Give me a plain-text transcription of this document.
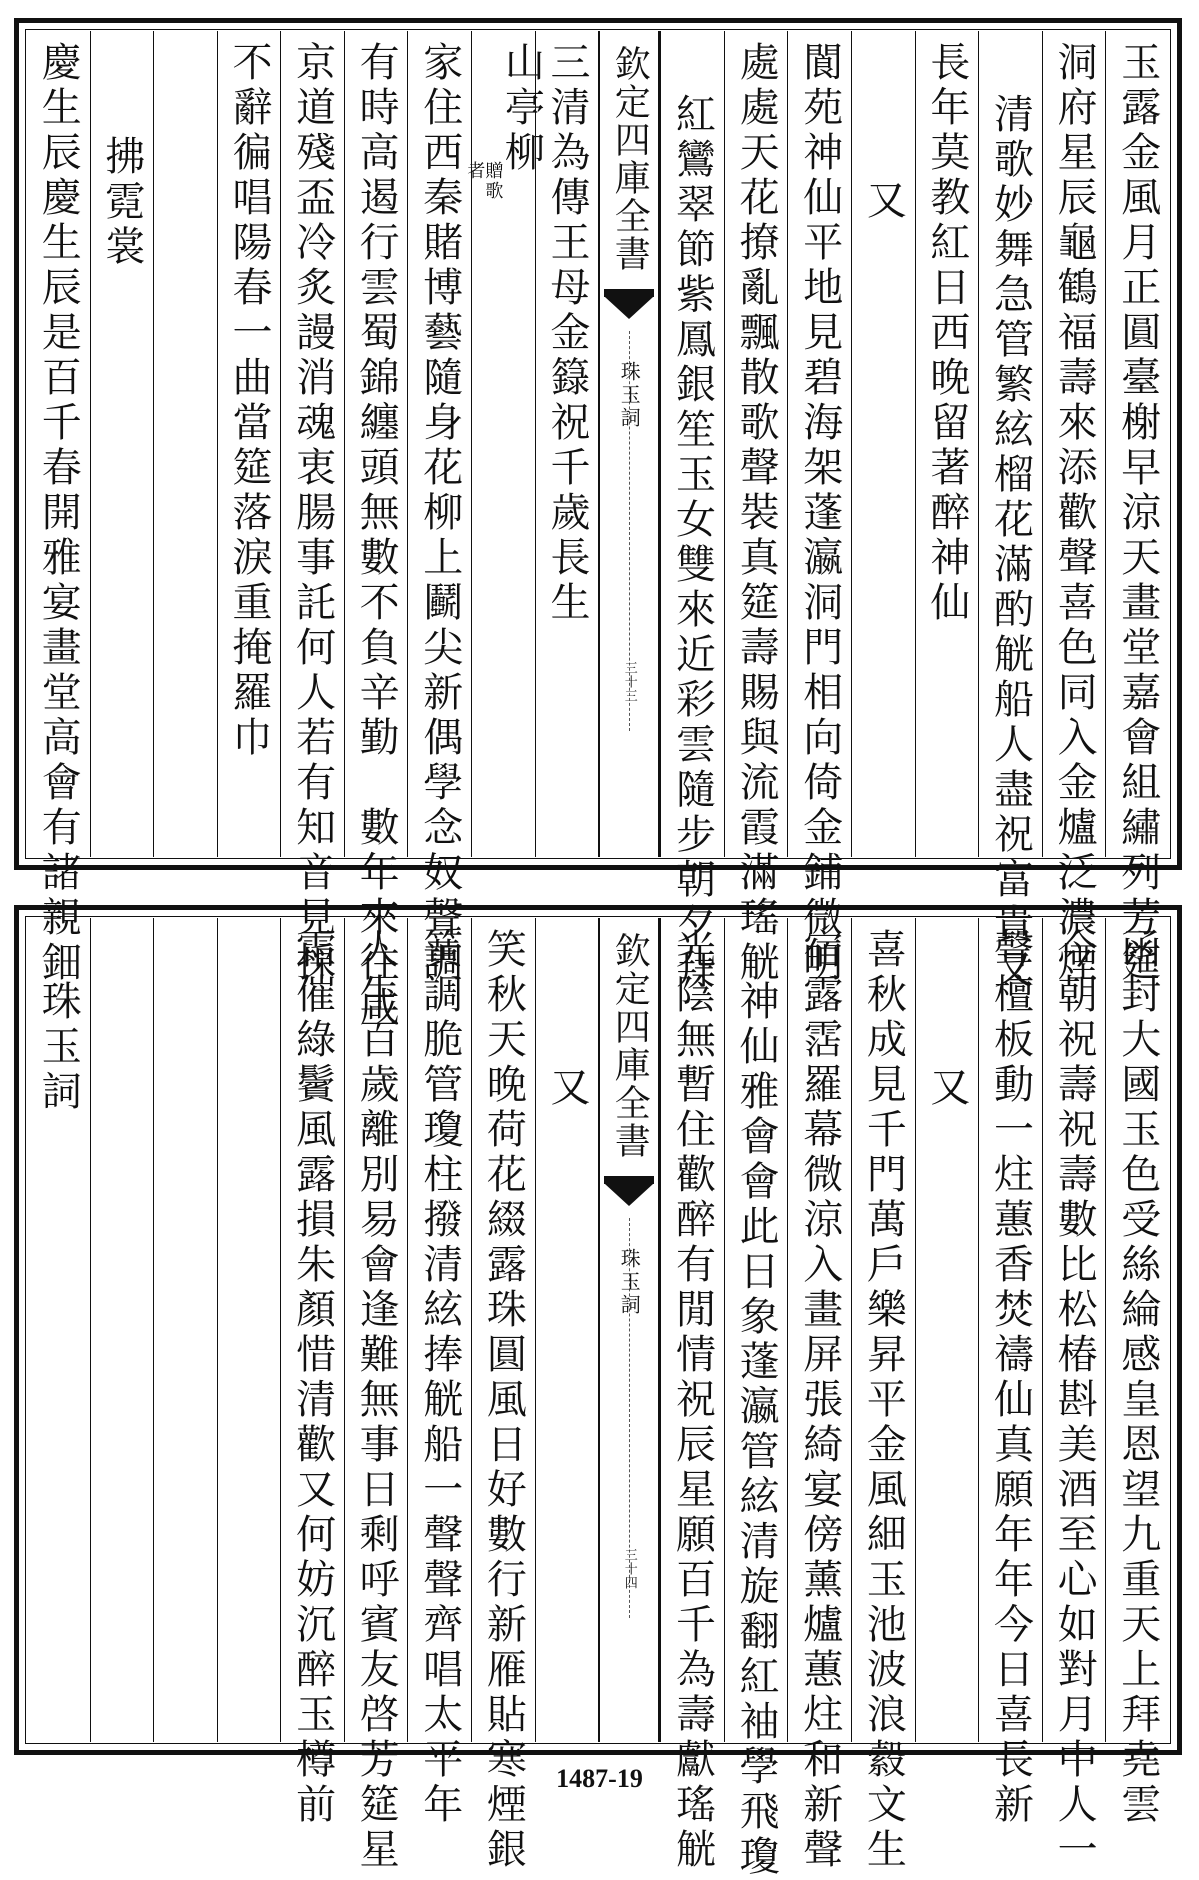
玉露金風月正圓臺榭早涼天畫堂嘉會組繡列芳筵
洞府星辰龜鶴福壽來添歡聲喜色同入金爐泛濃煙
清歌妙舞急管繁絃榴花滿酌觥船人盡祝富貴又
長年莫教紅日西晚留著醉神仙
又
閬苑神仙平地見碧海架蓬瀛洞門相向倚金鋪微明
處處天花撩亂飄散歌聲裝真筵壽賜與流霞滿瑤觥
紅鸞翠節紫鳳銀笙玉女雙來近彩雲隨步朝夕拜
欽定四庫全書
珠玉詞
三十三
三清為傳王母金籙祝千歲長生
山亭柳
贈歌
者
家住西秦賭博藝隨身花柳上鬬尖新偶學念奴聲調
有時高遏行雲蜀錦纏頭無數不負辛勤　數年來往咸
京道殘盃冷炙謾消魂衷腸事託何人若有知音見採
不辭徧唱陽春一曲當筵落淚重掩羅巾
拂霓裳
慶生辰慶生辰是百千春開雅宴畫堂高會有諸親鈿
函封大國玉色受絲綸感皇恩望九重天上拜堯雲
今朝祝壽祝壽數比松椿斟美酒至心如對月中人一
聲檀板動一炷蕙香焚禱仙真願年年今日喜長新
又
喜秋成見千門萬戶樂昇平金風細玉池波浪縠文生
宿露霑羅幕微涼入畫屏張綺宴傍薰爐蕙炷和新聲
神仙雅會會此日象蓬瀛管絃清旋翻紅袖學飛瓊
光陰無暫住歡醉有閒情祝辰星願百千為壽獻瑤觥
欽定四庫全書
珠玉詞
三十四
又
笑秋天晚荷花綴露珠圓風日好數行新雁貼寒煙銀
簧調脆管瓊柱撥清絃捧觥船一聲聲齊唱太平年
人生百歲離別易會逢難無事日剩呼賓友啓芳筵星
霜催綠鬢風露損朱顏惜清歡又何妨沉醉玉樽前
珠玉詞
1487-19
